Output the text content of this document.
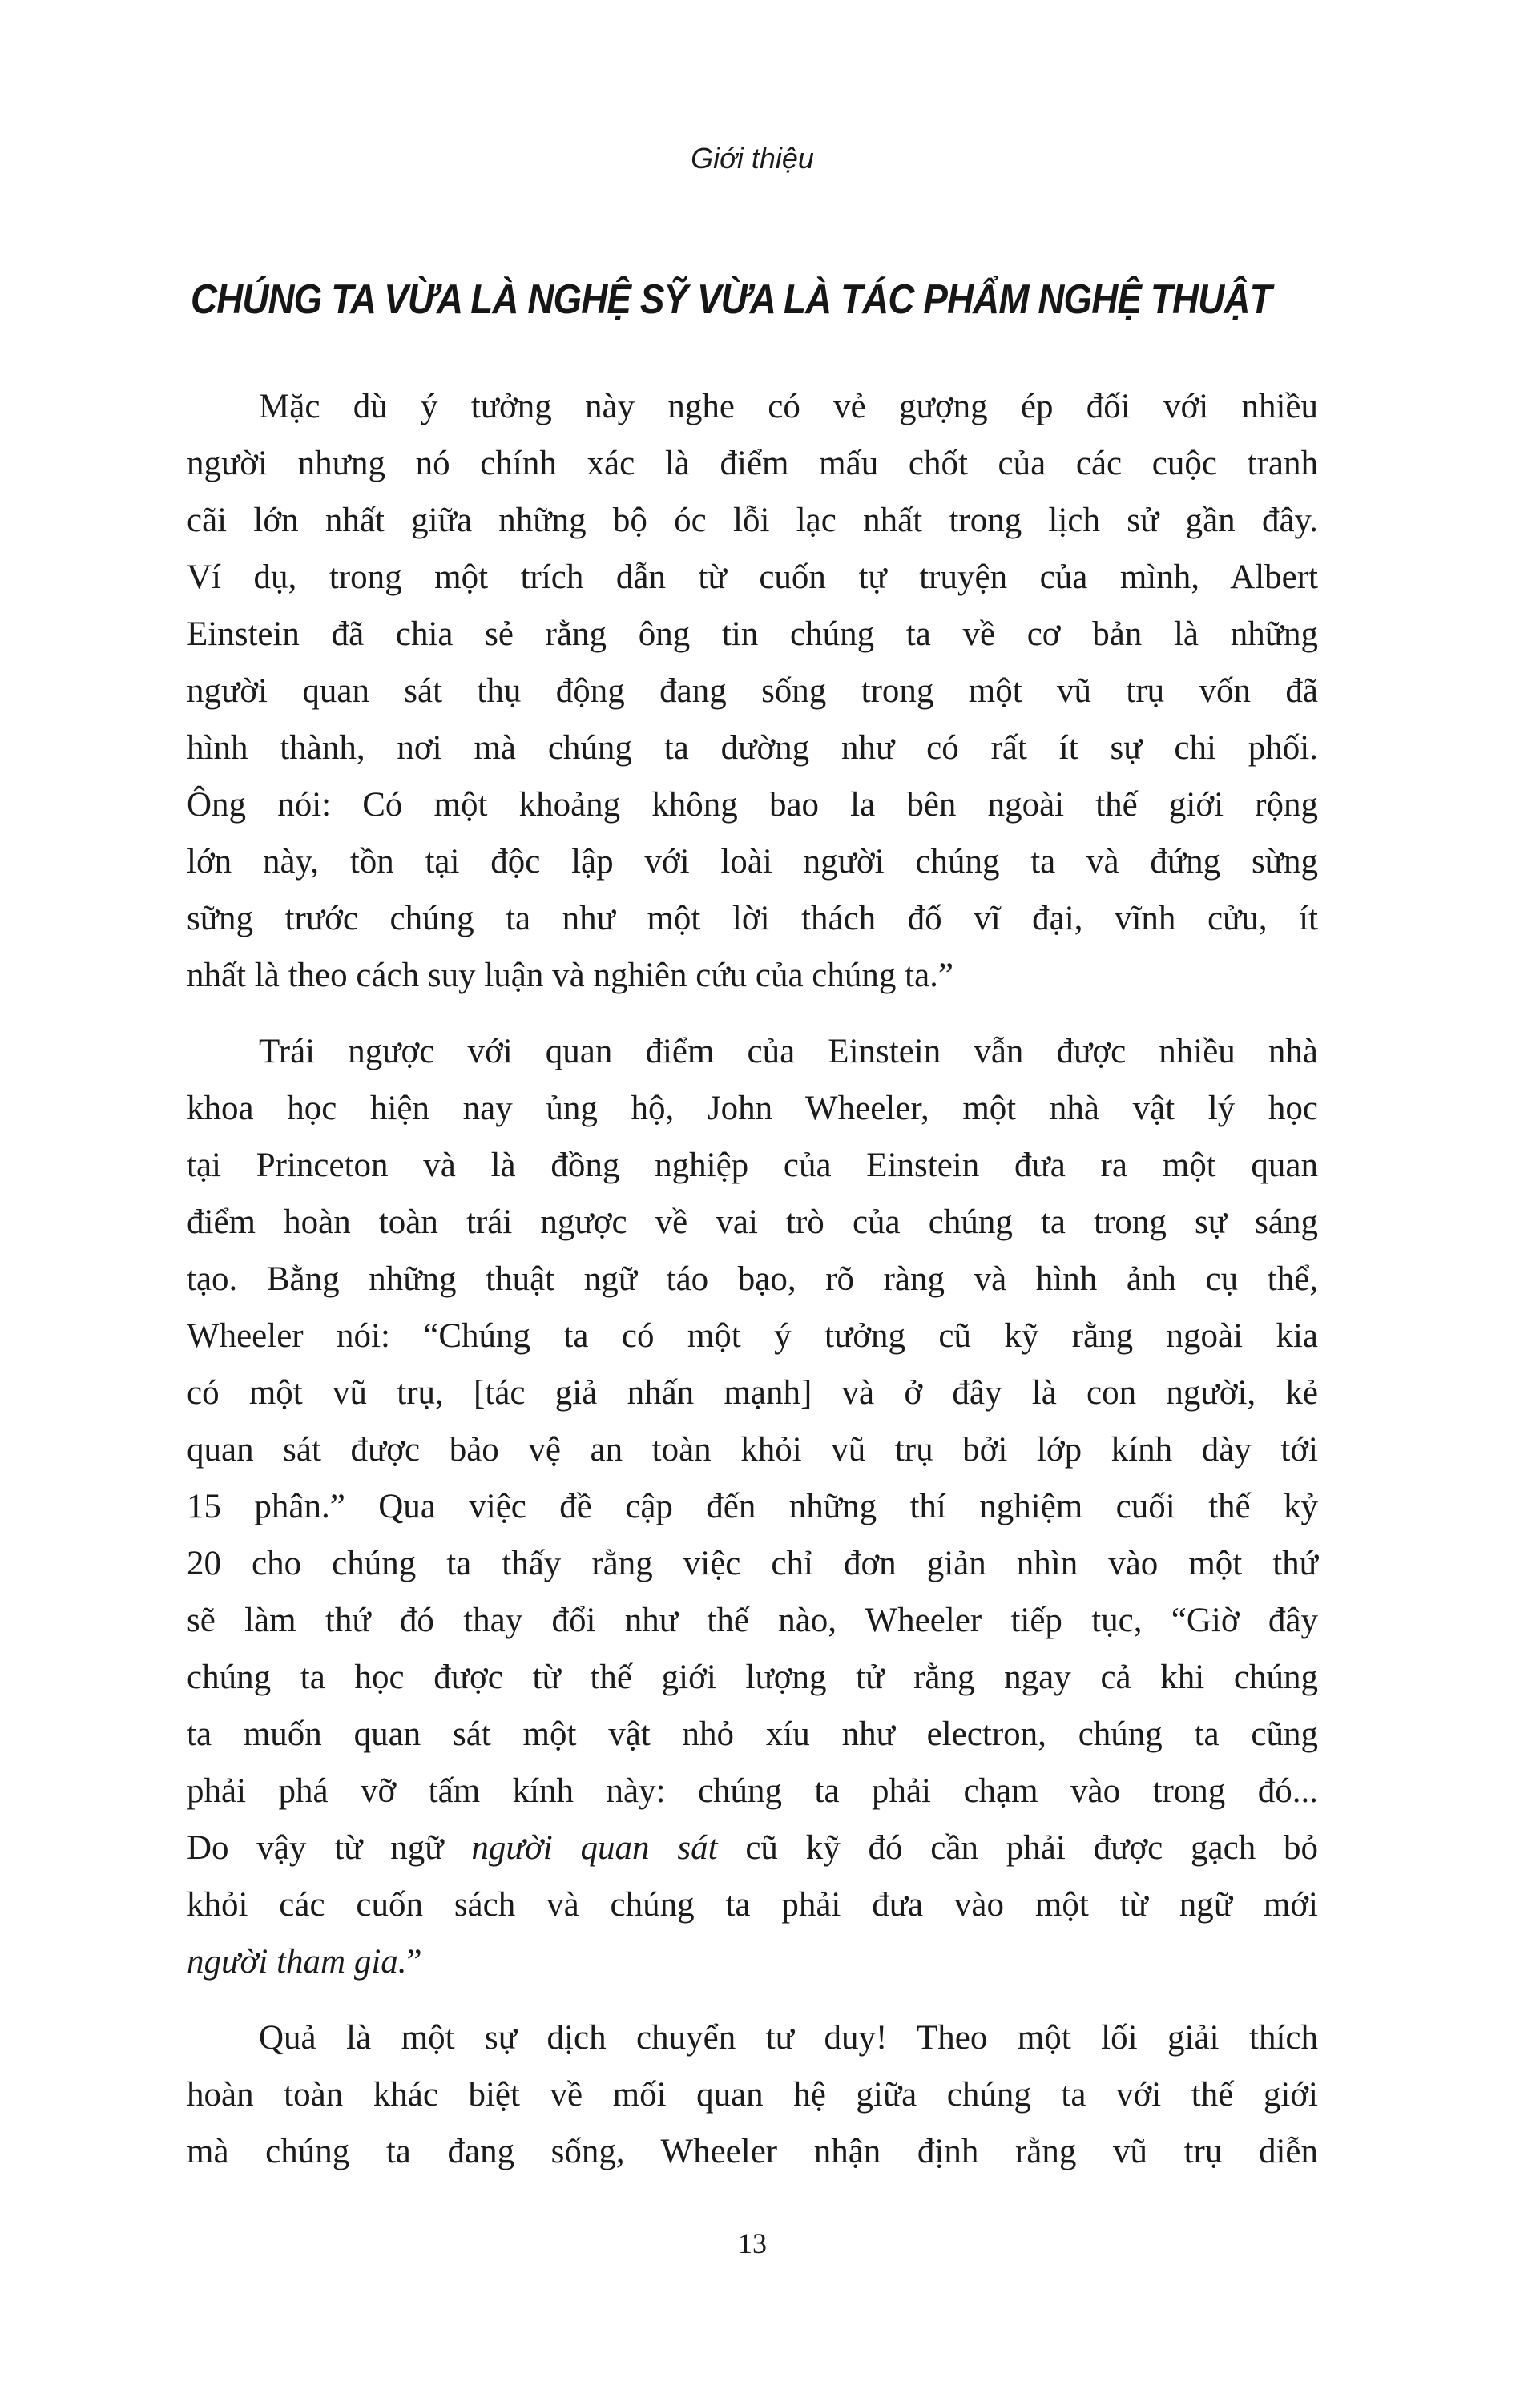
Giới thiệu
CHÚNG TA VỪA LÀ NGHỆ SỸ VỪA LÀ TÁC PHẨM NGHỆ THUẬT
Mặc dù ý tưởng này nghe có vẻ gượng ép đối với nhiều
người nhưng nó chính xác là điểm mấu chốt của các cuộc tranh
cãi lớn nhất giữa những bộ óc lỗi lạc nhất trong lịch sử gần đây.
Ví dụ, trong một trích dẫn từ cuốn tự truyện của mình, Albert
Einstein đã chia sẻ rằng ông tin chúng ta về cơ bản là những
người quan sát thụ động đang sống trong một vũ trụ vốn đã
hình thành, nơi mà chúng ta dường như có rất ít sự chi phối.
Ông nói: Có một khoảng không bao la bên ngoài thế giới rộng
lớn này, tồn tại độc lập với loài người chúng ta và đứng sừng
sững trước chúng ta như một lời thách đố vĩ đại, vĩnh cửu, ít
nhất là theo cách suy luận và nghiên cứu của chúng ta.”
Trái ngược với quan điểm của Einstein vẫn được nhiều nhà
khoa học hiện nay ủng hộ, John Wheeler, một nhà vật lý học
tại Princeton và là đồng nghiệp của Einstein đưa ra một quan
điểm hoàn toàn trái ngược về vai trò của chúng ta trong sự sáng
tạo. Bằng những thuật ngữ táo bạo, rõ ràng và hình ảnh cụ thể,
Wheeler nói: “Chúng ta có một ý tưởng cũ kỹ rằng ngoài kia
có một vũ trụ, [tác giả nhấn mạnh] và ở đây là con người, kẻ
quan sát được bảo vệ an toàn khỏi vũ trụ bởi lớp kính dày tới
15 phân.” Qua việc đề cập đến những thí nghiệm cuối thế kỷ
20 cho chúng ta thấy rằng việc chỉ đơn giản nhìn vào một thứ
sẽ làm thứ đó thay đổi như thế nào, Wheeler tiếp tục, “Giờ đây
chúng ta học được từ thế giới lượng tử rằng ngay cả khi chúng
ta muốn quan sát một vật nhỏ xíu như electron, chúng ta cũng
phải phá vỡ tấm kính này: chúng ta phải chạm vào trong đó...
Do vậy từ ngữ người quan sát cũ kỹ đó cần phải được gạch bỏ
khỏi các cuốn sách và chúng ta phải đưa vào một từ ngữ mới
người tham gia.”
Quả là một sự dịch chuyển tư duy! Theo một lối giải thích
hoàn toàn khác biệt về mối quan hệ giữa chúng ta với thế giới
mà chúng ta đang sống, Wheeler nhận định rằng vũ trụ diễn
13
